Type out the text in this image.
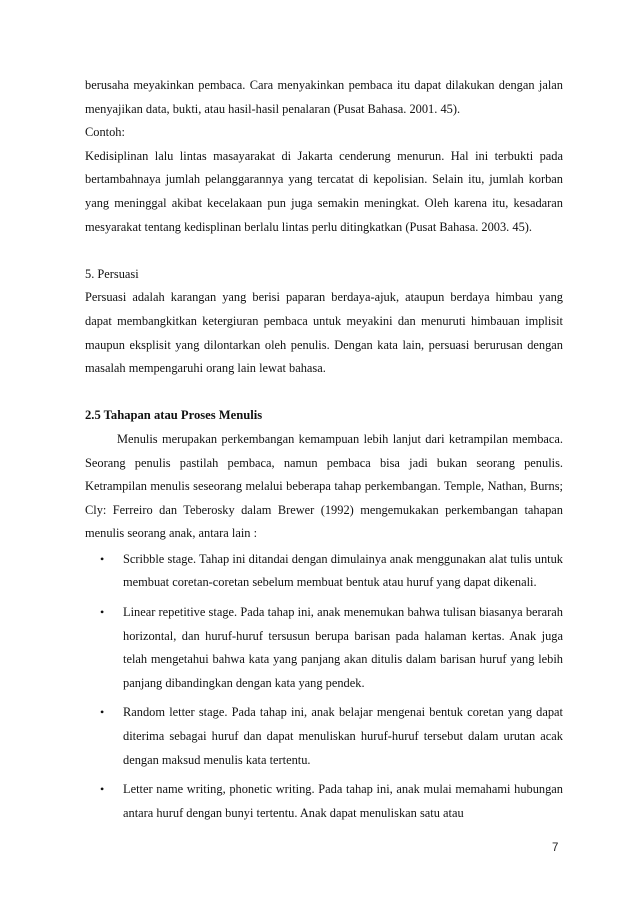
berusaha meyakinkan pembaca. Cara menyakinkan pembaca itu dapat dilakukan dengan jalan menyajikan data, bukti, atau hasil-hasil penalaran (Pusat Bahasa. 2001. 45).

Contoh:

Kedisiplinan lalu lintas masayarakat di Jakarta cenderung menurun. Hal ini terbukti pada bertambahnaya jumlah pelanggarannya yang tercatat di kepolisian. Selain itu, jumlah korban yang meninggal akibat kecelakaan pun juga semakin meningkat. Oleh karena itu, kesadaran mesyarakat tentang kedisplinan berlalu lintas perlu ditingkatkan (Pusat Bahasa. 2003. 45).

5. Persuasi

Persuasi adalah karangan yang berisi paparan berdaya-ajuk, ataupun berdaya himbau yang dapat membangkitkan ketergiuran pembaca untuk meyakini dan menuruti himbauan implisit maupun eksplisit yang dilontarkan oleh penulis. Dengan kata lain, persuasi berurusan dengan masalah mempengaruhi orang lain lewat bahasa.

2.5 Tahapan atau Proses Menulis

Menulis merupakan perkembangan kemampuan lebih lanjut dari ketrampilan membaca. Seorang penulis pastilah pembaca, namun pembaca bisa jadi bukan seorang penulis. Ketrampilan menulis seseorang melalui beberapa tahap perkembangan. Temple, Nathan, Burns; Cly: Ferreiro dan Teberosky dalam Brewer (1992) mengemukakan perkembangan tahapan menulis seorang anak, antara lain :

• Scribble stage. Tahap ini ditandai dengan dimulainya anak menggunakan alat tulis untuk membuat coretan-coretan sebelum membuat bentuk atau huruf yang dapat dikenali.
• Linear repetitive stage. Pada tahap ini, anak menemukan bahwa tulisan biasanya berarah horizontal, dan huruf-huruf tersusun berupa barisan pada halaman kertas. Anak juga telah mengetahui bahwa kata yang panjang akan ditulis dalam barisan huruf yang lebih panjang dibandingkan dengan kata yang pendek.
• Random letter stage. Pada tahap ini, anak belajar mengenai bentuk coretan yang dapat diterima sebagai huruf dan dapat menuliskan huruf-huruf tersebut dalam urutan acak dengan maksud menulis kata tertentu.
• Letter name writing, phonetic writing. Pada tahap ini, anak mulai memahami hubungan antara huruf dengan bunyi tertentu. Anak dapat menuliskan satu atau
7
